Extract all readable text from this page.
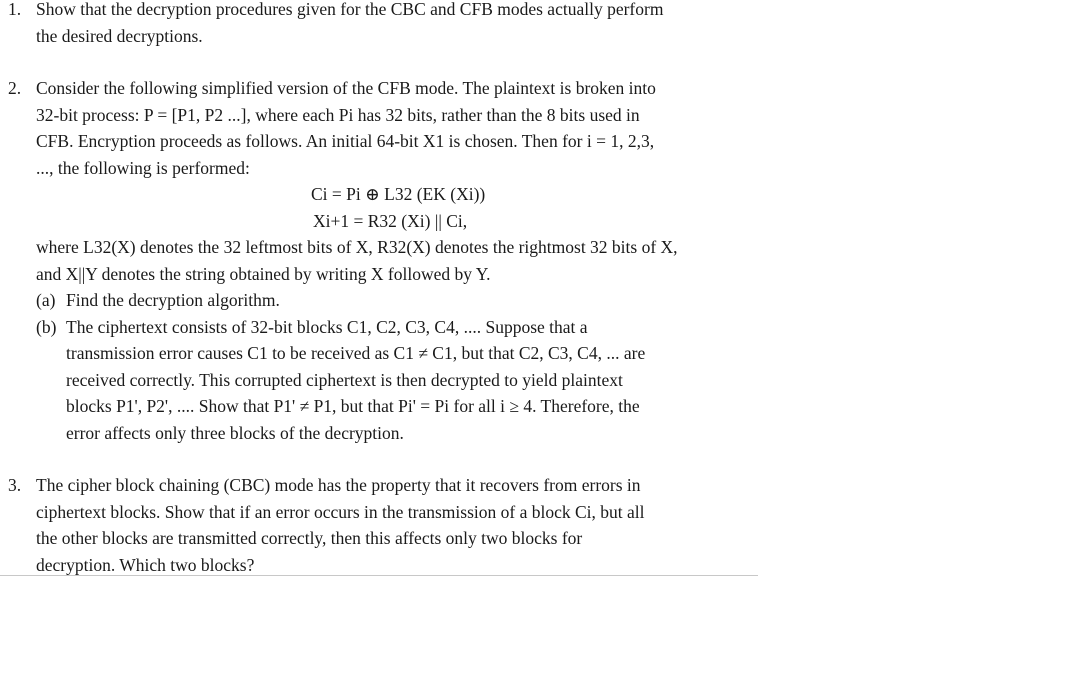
1. Show that the decryption procedures given for the CBC and CFB modes actually perform

the desired decryptions.

2. Consider the following simplified version of the CFB mode. The plaintext is broken into

32-bit process: P = [P1, P2 ...], where each Pi has 32 bits, rather than the 8 bits used in

CFB. Encryption proceeds as follows. An initial 64-bit X1 is chosen. Then for i = 1, 2,3,

..., the following is performed:

Ci = Pi ⊕ L32 (EK (Xi))

Xi+1 = R32 (Xi) || Ci,

where L32(X) denotes the 32 leftmost bits of X, R32(X) denotes the rightmost 32 bits of X,

and X||Y denotes the string obtained by writing X followed by Y.

(a) Find the decryption algorithm.

(b) The ciphertext consists of 32-bit blocks C1, C2, C3, C4, .... Suppose that a

transmission error causes C1 to be received as C1 ≠ C1, but that C2, C3, C4, ... are

received correctly. This corrupted ciphertext is then decrypted to yield plaintext

blocks P1', P2', .... Show that P1' ≠ P1, but that Pi' = Pi for all i ≥ 4. Therefore, the

error affects only three blocks of the decryption.

3. The cipher block chaining (CBC) mode has the property that it recovers from errors in

ciphertext blocks. Show that if an error occurs in the transmission of a block Ci, but all

the other blocks are transmitted correctly, then this affects only two blocks for

decryption. Which two blocks?
